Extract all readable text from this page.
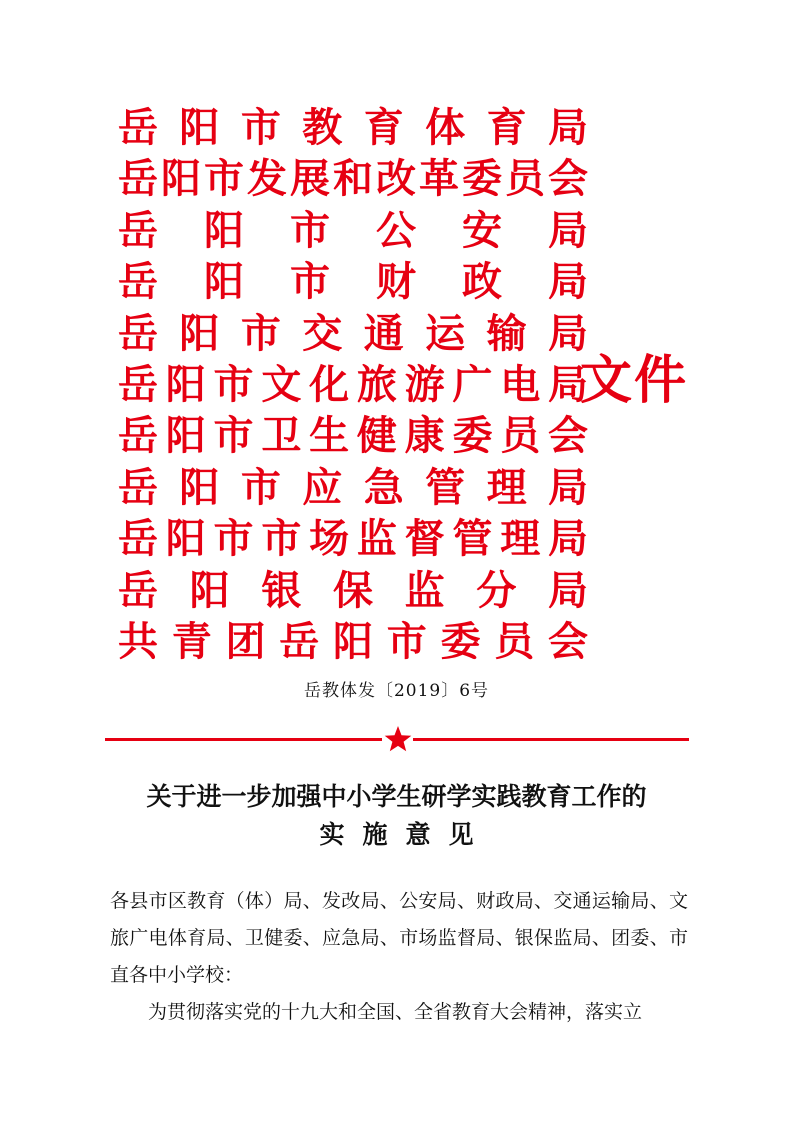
岳阳市教育体育局
岳阳市发展和改革委员会
岳阳市公安局
岳阳市财政局
岳阳市交通运输局
岳阳市文化旅游广电局
岳阳市卫生健康委员会
岳阳市应急管理局
岳阳市市场监督管理局
岳阳银保监分局
共青团岳阳市委员会
文件
岳教体发〔2019〕6号
关于进一步加强中小学生研学实践教育工作的
实施意见

各县市区教育（体）局、发改局、公安局、财政局、交通运输局、文旅广电体育局、卫健委、应急局、市场监督局、银保监局、团委、市直各中小学校：

为贯彻落实党的十九大和全国、全省教育大会精神，落实立
